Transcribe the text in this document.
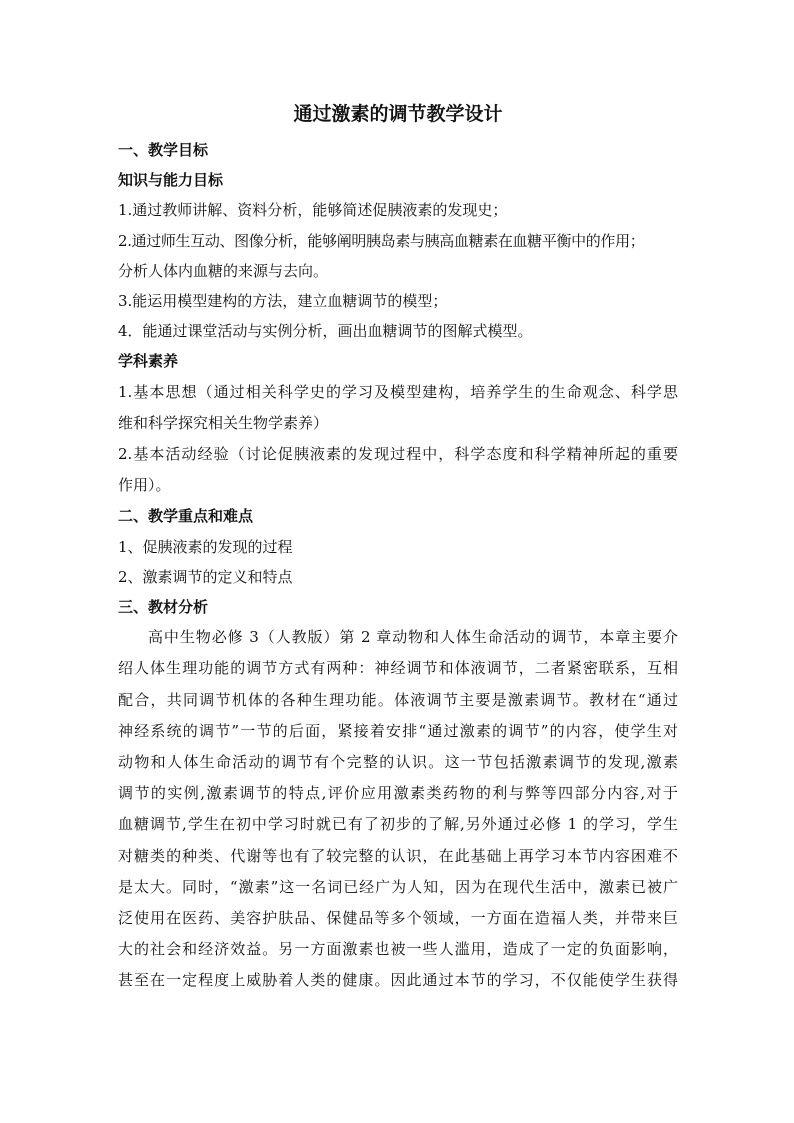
通过激素的调节教学设计
一、教学目标
知识与能力目标
1.通过教师讲解、资料分析，能够简述促胰液素的发现史；
2.通过师生互动、图像分析，能够阐明胰岛素与胰高血糖素在血糖平衡中的作用；
分析人体内血糖的来源与去向。
3.能运用模型建构的方法，建立血糖调节的模型；
4．能通过课堂活动与实例分析，画出血糖调节的图解式模型。
学科素养
1.基本思想（通过相关科学史的学习及模型建构，培养学生的生命观念、科学思
维和科学探究相关生物学素养）
2.基本活动经验（讨论促胰液素的发现过程中，科学态度和科学精神所起的重要
作用）。
二、教学重点和难点
1、促胰液素的发现的过程
2、激素调节的定义和特点
三、教材分析
高中生物必修 3（人教版）第 2 章动物和人体生命活动的调节，本章主要介
绍人体生理功能的调节方式有两种：神经调节和体液调节，二者紧密联系，互相
配合，共同调节机体的各种生理功能。体液调节主要是激素调节。教材在“通过
神经系统的调节”一节的后面，紧接着安排“通过激素的调节”的内容，使学生对
动物和人体生命活动的调节有个完整的认识。这一节包括激素调节的发现,激素
调节的实例,激素调节的特点,评价应用激素类药物的利与弊等四部分内容,对于
血糖调节,学生在初中学习时就已有了初步的了解,另外通过必修 1 的学习，学生
对糖类的种类、代谢等也有了较完整的认识，在此基础上再学习本节内容困难不
是太大。同时，“激素”这一名词已经广为人知，因为在现代生活中，激素已被广
泛使用在医药、美容护肤品、保健品等多个领域，一方面在造福人类，并带来巨
大的社会和经济效益。另一方面激素也被一些人滥用，造成了一定的负面影响，
甚至在一定程度上威胁着人类的健康。因此通过本节的学习，不仅能使学生获得
